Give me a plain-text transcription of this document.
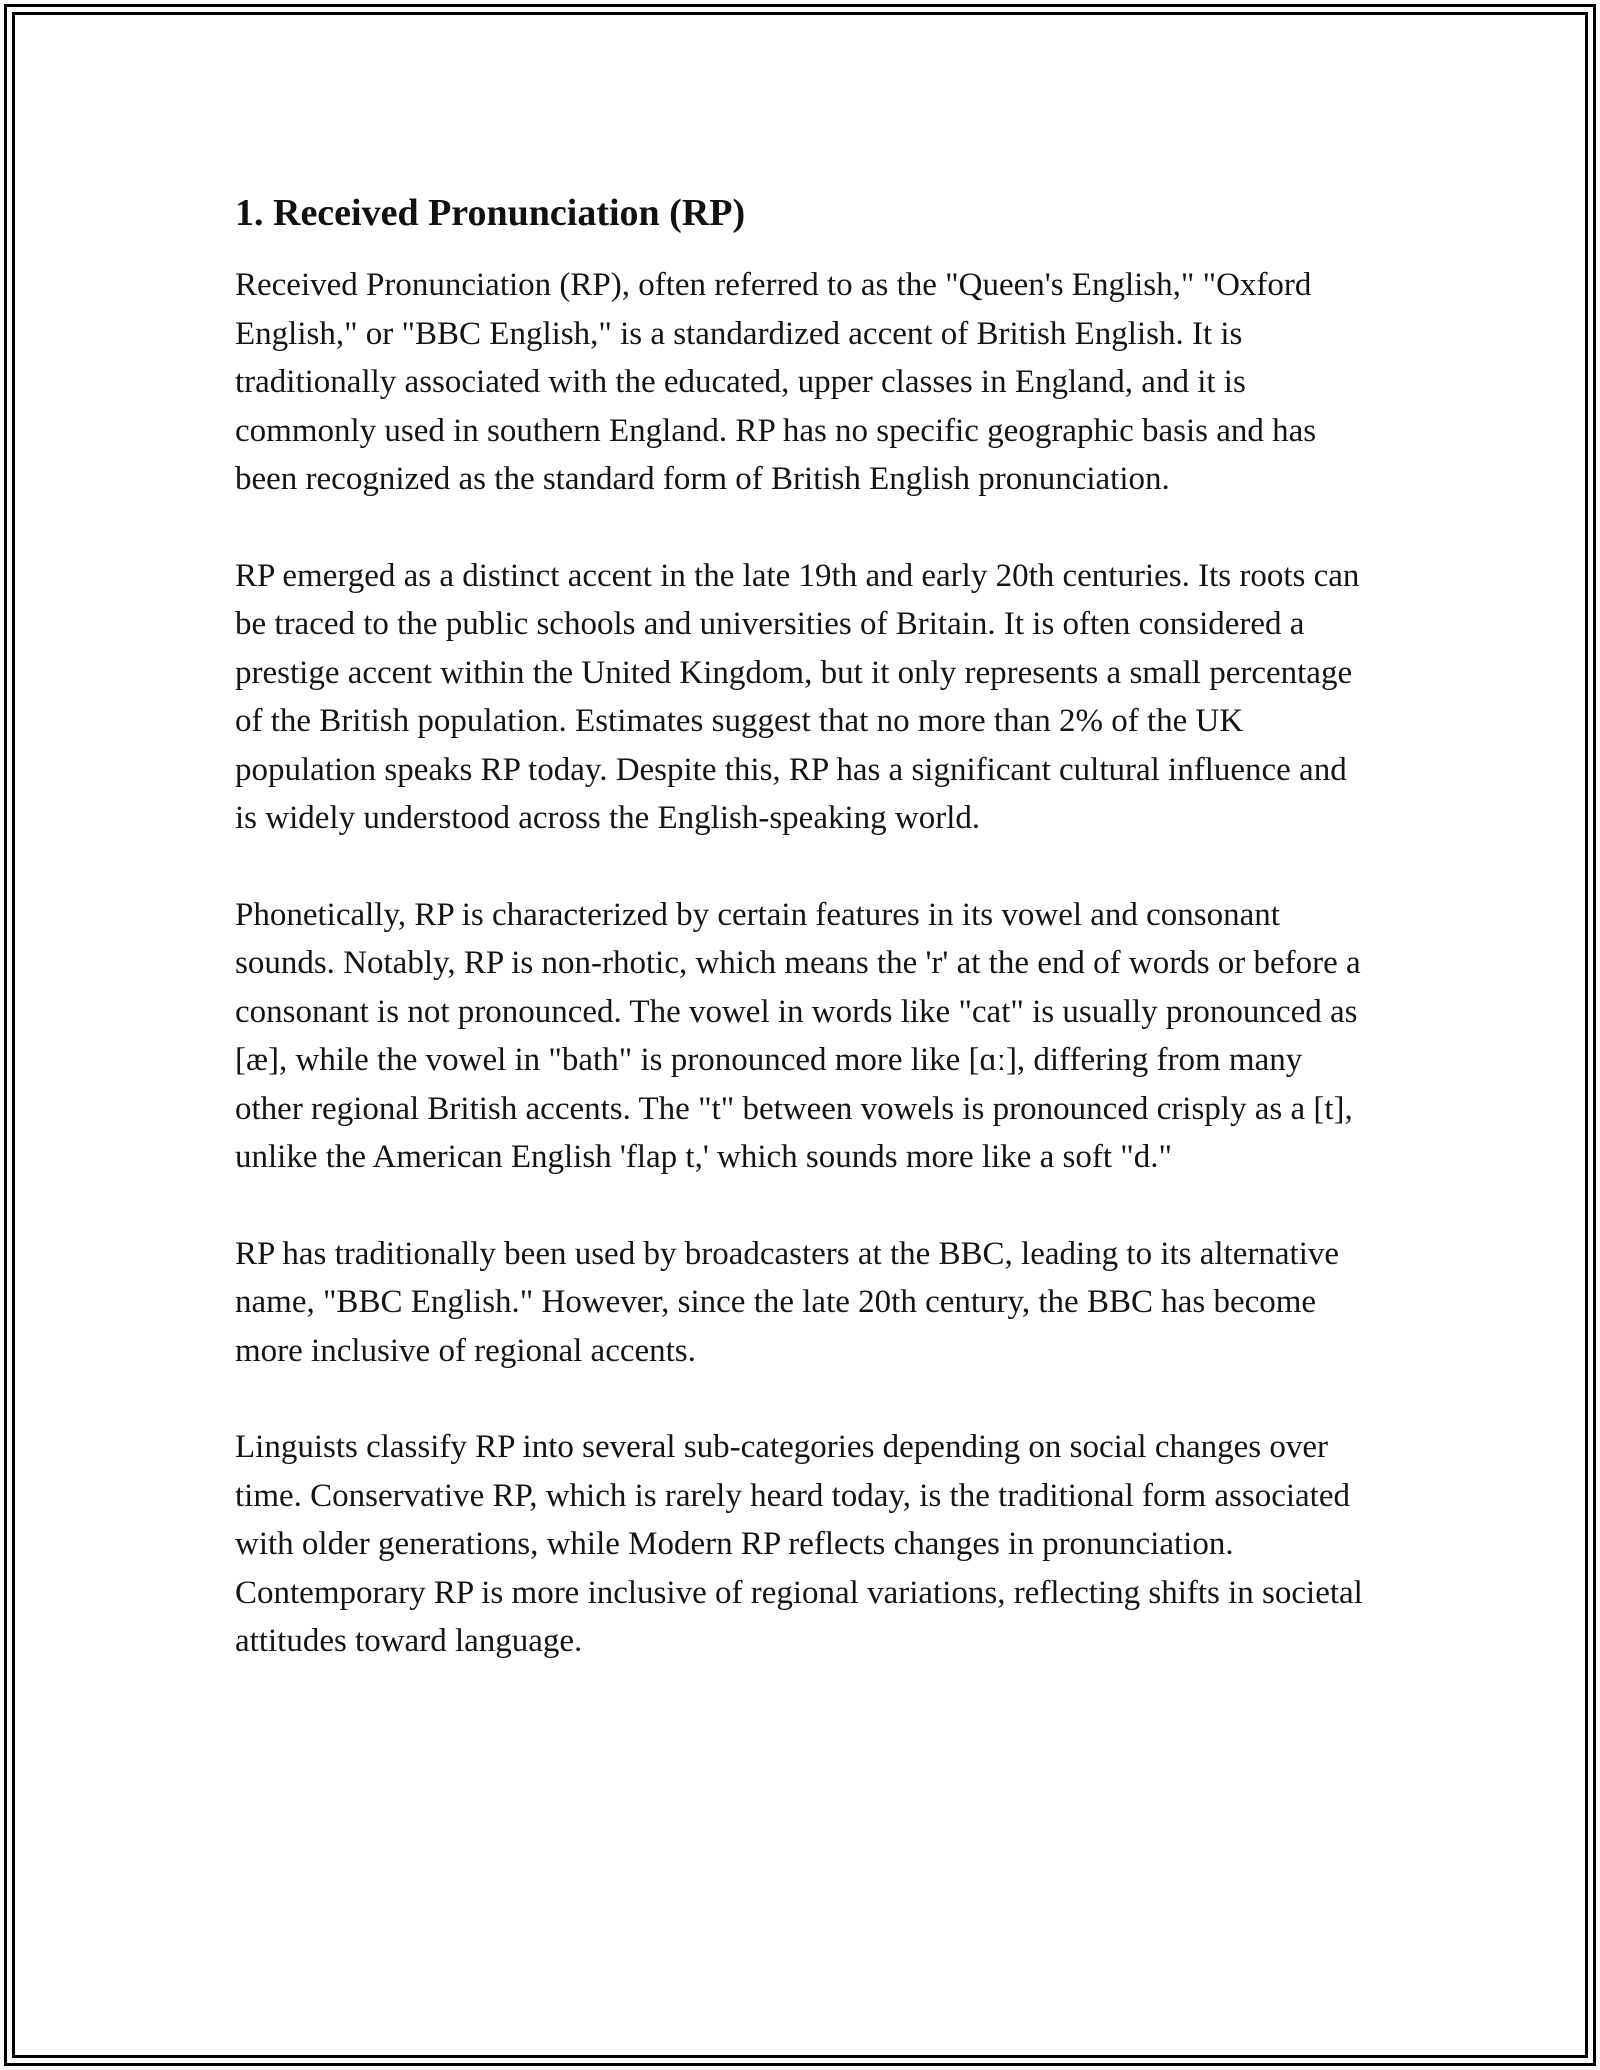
1. Received Pronunciation (RP)

Received Pronunciation (RP), often referred to as the "Queen's English," "Oxford English," or "BBC English," is a standardized accent of British English. It is traditionally associated with the educated, upper classes in England, and it is commonly used in southern England. RP has no specific geographic basis and has been recognized as the standard form of British English pronunciation.

RP emerged as a distinct accent in the late 19th and early 20th centuries. Its roots can be traced to the public schools and universities of Britain. It is often considered a prestige accent within the United Kingdom, but it only represents a small percentage of the British population. Estimates suggest that no more than 2% of the UK population speaks RP today. Despite this, RP has a significant cultural influence and is widely understood across the English-speaking world.

Phonetically, RP is characterized by certain features in its vowel and consonant sounds. Notably, RP is non-rhotic, which means the 'r' at the end of words or before a consonant is not pronounced. The vowel in words like "cat" is usually pronounced as [æ], while the vowel in "bath" is pronounced more like [ɑː], differing from many other regional British accents. The "t" between vowels is pronounced crisply as a [t], unlike the American English 'flap t,' which sounds more like a soft "d."

RP has traditionally been used by broadcasters at the BBC, leading to its alternative name, "BBC English." However, since the late 20th century, the BBC has become more inclusive of regional accents.

Linguists classify RP into several sub-categories depending on social changes over time. Conservative RP, which is rarely heard today, is the traditional form associated with older generations, while Modern RP reflects changes in pronunciation. Contemporary RP is more inclusive of regional variations, reflecting shifts in societal attitudes toward language.
